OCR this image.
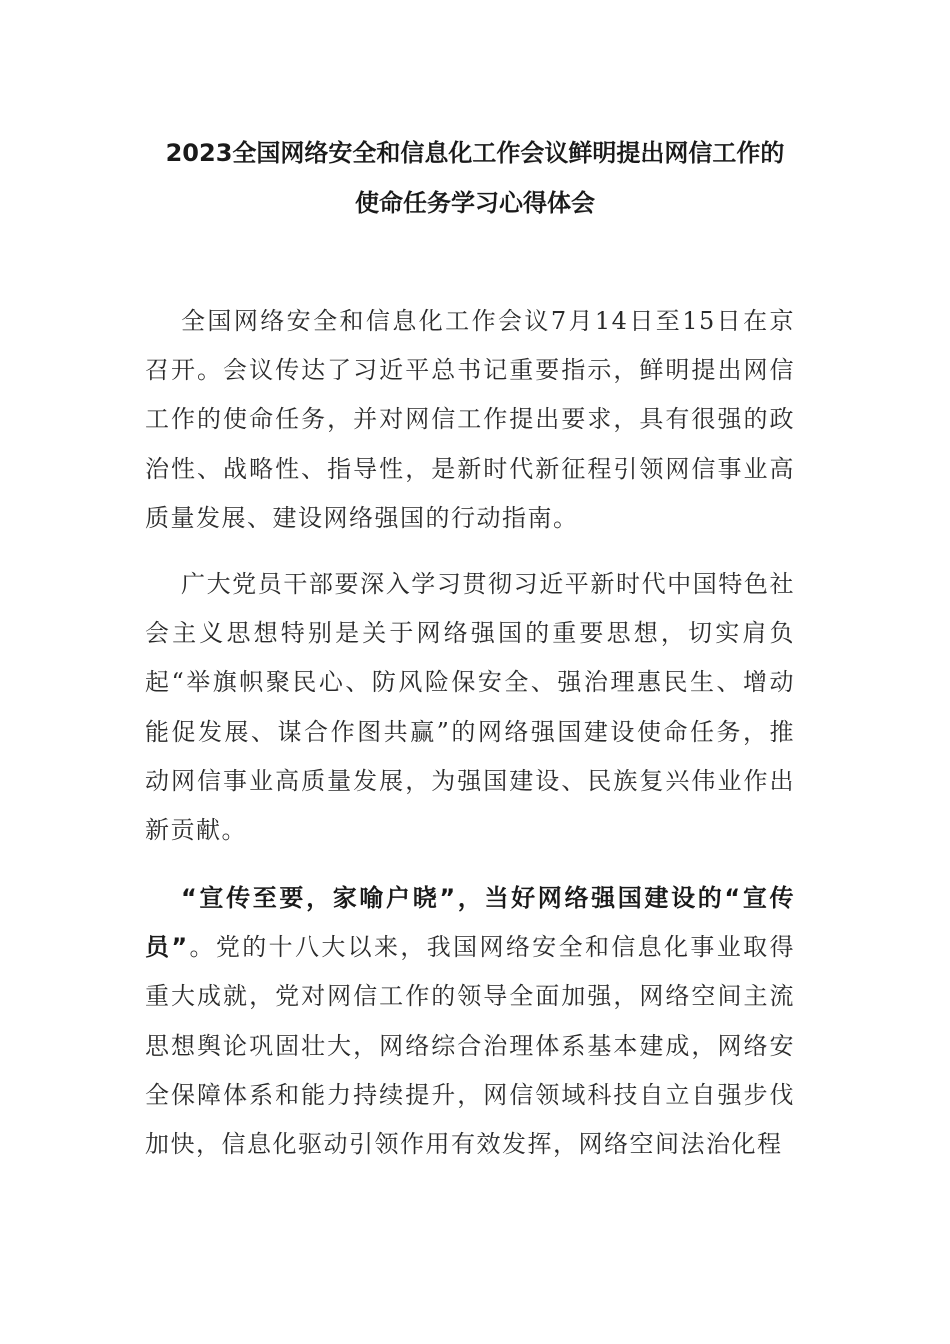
2023全国网络安全和信息化工作会议鲜明提出网信工作的
使命任务学习心得体会

全国网络安全和信息化工作会议7月14日至15日在京召开。会议传达了习近平总书记重要指示，鲜明提出网信工作的使命任务，并对网信工作提出要求，具有很强的政治性、战略性、指导性，是新时代新征程引领网信事业高质量发展、建设网络强国的行动指南。

广大党员干部要深入学习贯彻习近平新时代中国特色社会主义思想特别是关于网络强国的重要思想，切实肩负起“举旗帜聚民心、防风险保安全、强治理惠民生、增动能促发展、谋合作图共赢”的网络强国建设使命任务，推动网信事业高质量发展，为强国建设、民族复兴伟业作出新贡献。

“宣传至要，家喻户晓”，当好网络强国建设的“宣传员”。党的十八大以来，我国网络安全和信息化事业取得重大成就，党对网信工作的领导全面加强，网络空间主流思想舆论巩固壮大，网络综合治理体系基本建成，网络安全保障体系和能力持续提升，网信领域科技自立自强步伐加快，信息化驱动引领作用有效发挥，网络空间法治化程
